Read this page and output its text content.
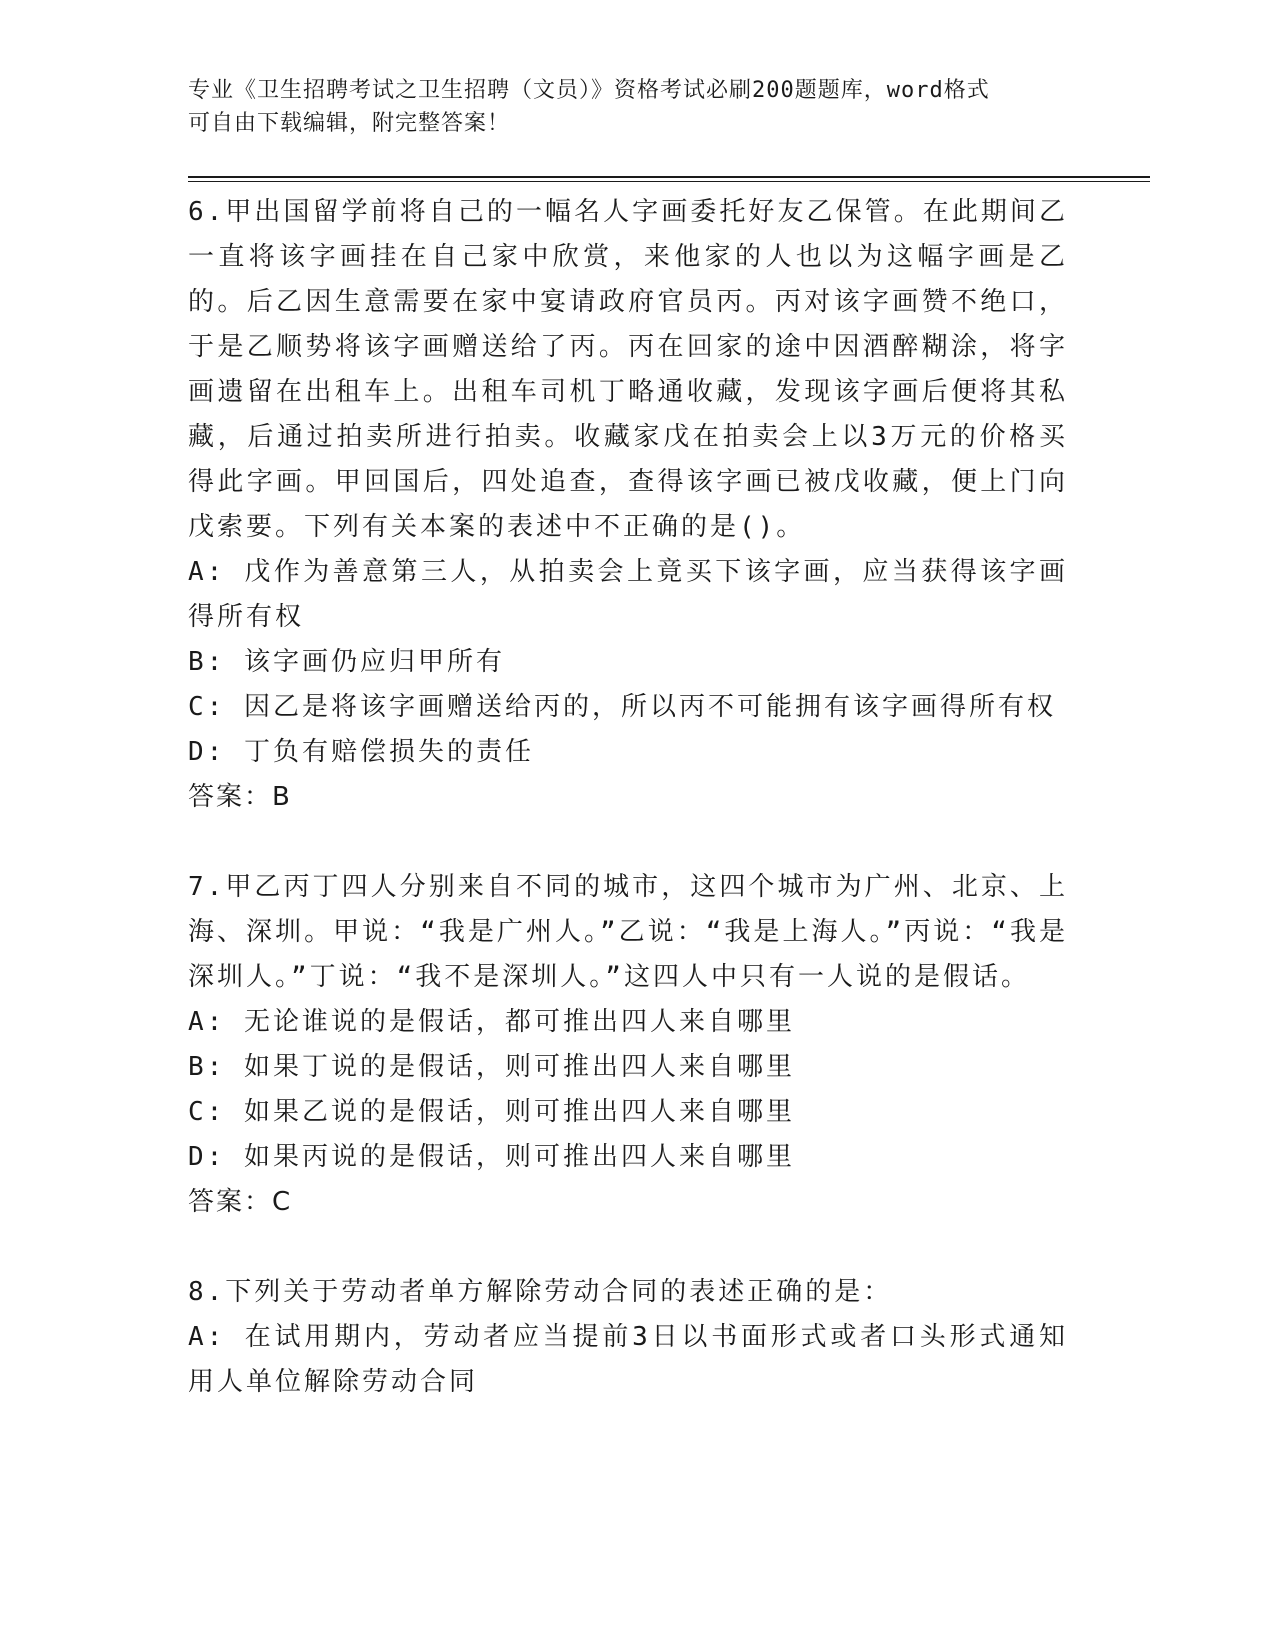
专业《卫生招聘考试之卫生招聘（文员）》资格考试必刷200题题库，word格式
可自由下载编辑，附完整答案！
6.甲出国留学前将自己的一幅名人字画委托好友乙保管。在此期间乙一直将该字画挂在自己家中欣赏，来他家的人也以为这幅字画是乙的。后乙因生意需要在家中宴请政府官员丙。丙对该字画赞不绝口，于是乙顺势将该字画赠送给了丙。丙在回家的途中因酒醉糊涂，将字画遗留在出租车上。出租车司机丁略通收藏，发现该字画后便将其私藏，后通过拍卖所进行拍卖。收藏家戊在拍卖会上以3万元的价格买得此字画。甲回国后，四处追查，查得该字画已被戊收藏，便上门向戊索要。下列有关本案的表述中不正确的是()。
A: 戊作为善意第三人，从拍卖会上竟买下该字画，应当获得该字画得所有权
B: 该字画仍应归甲所有
C: 因乙是将该字画赠送给丙的，所以丙不可能拥有该字画得所有权
D: 丁负有赔偿损失的责任
答案：B
7.甲乙丙丁四人分别来自不同的城市，这四个城市为广州、北京、上海、深圳。甲说：“我是广州人。”乙说：“我是上海人。”丙说：“我是深圳人。”丁说：“我不是深圳人。”这四人中只有一人说的是假话。
A: 无论谁说的是假话，都可推出四人来自哪里
B: 如果丁说的是假话，则可推出四人来自哪里
C: 如果乙说的是假话，则可推出四人来自哪里
D: 如果丙说的是假话，则可推出四人来自哪里
答案：C
8.下列关于劳动者单方解除劳动合同的表述正确的是：
A: 在试用期内，劳动者应当提前3日以书面形式或者口头形式通知用人单位解除劳动合同
